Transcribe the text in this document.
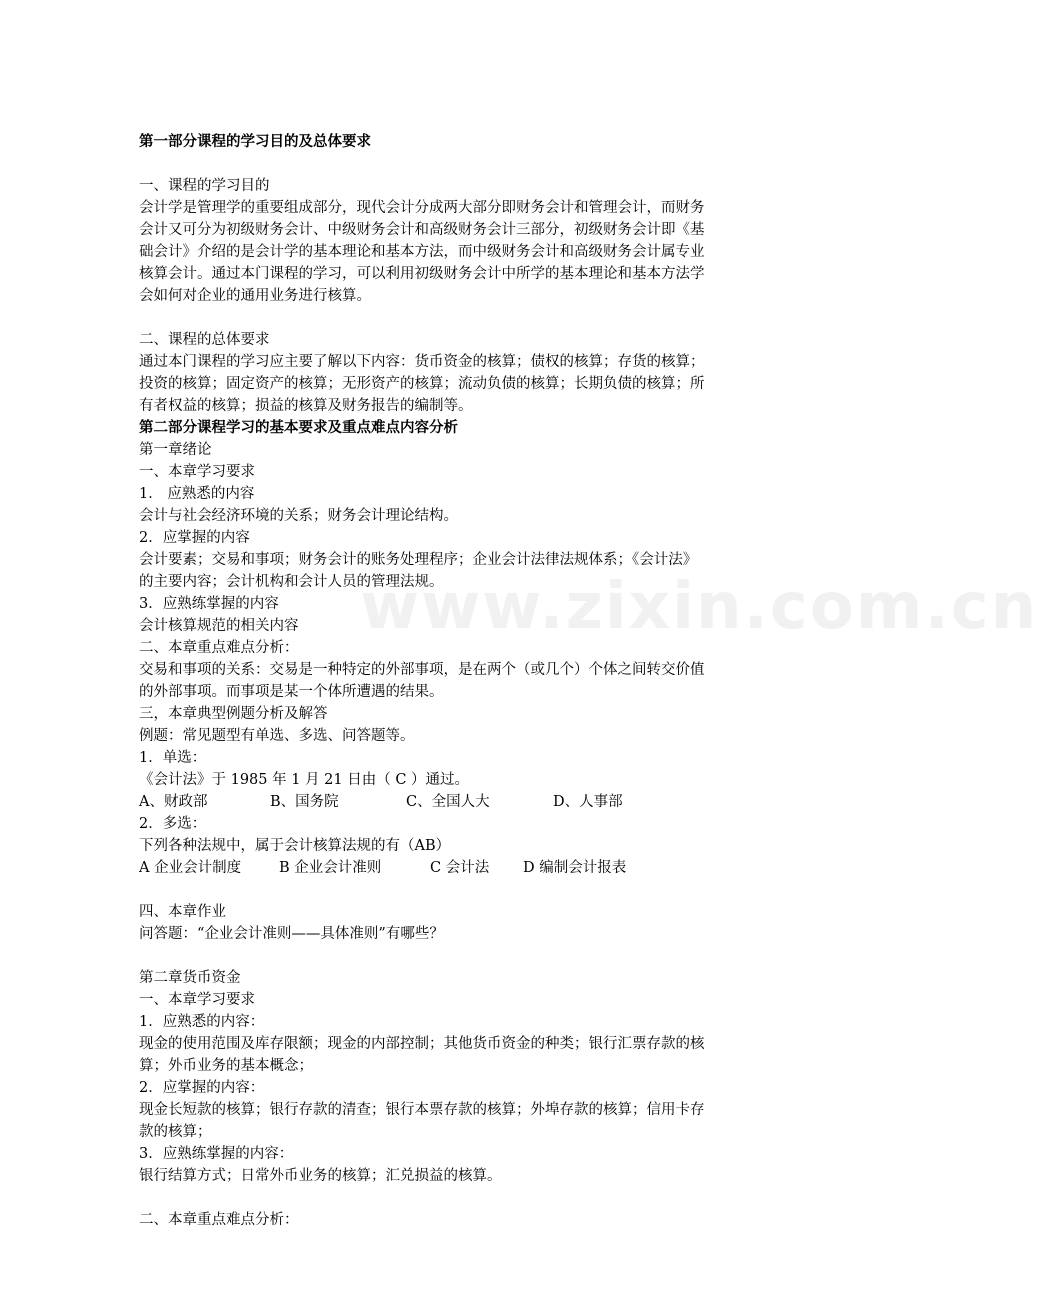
www.zixin.com.cn
第一部分课程的学习目的及总体要求
一、课程的学习目的
会计学是管理学的重要组成部分，现代会计分成两大部分即财务会计和管理会计，而财务
会计又可分为初级财务会计、中级财务会计和高级财务会计三部分，初级财务会计即《基
础会计》介绍的是会计学的基本理论和基本方法，而中级财务会计和高级财务会计属专业
核算会计。通过本门课程的学习，可以利用初级财务会计中所学的基本理论和基本方法学
会如何对企业的通用业务进行核算。
二、课程的总体要求
通过本门课程的学习应主要了解以下内容：货币资金的核算；债权的核算；存货的核算；
投资的核算；固定资产的核算；无形资产的核算；流动负债的核算；长期负债的核算；所
有者权益的核算；损益的核算及财务报告的编制等。
第二部分课程学习的基本要求及重点难点内容分析
第一章绪论
一、本章学习要求
1． 应熟悉的内容
会计与社会经济环境的关系；财务会计理论结构。
2．应掌握的内容
会计要素；交易和事项；财务会计的账务处理程序；企业会计法律法规体系；《会计法》
的主要内容；会计机构和会计人员的管理法规。
3．应熟练掌握的内容
会计核算规范的相关内容
二、本章重点难点分析：
交易和事项的关系：交易是一种特定的外部事项，是在两个（或几个）个体之间转交价值
的外部事项。而事项是某一个体所遭遇的结果。
三，本章典型例题分析及解答
例题：常见题型有单选、多选、问答题等。
1．单选：
《会计法》于 1985 年 1 月 21 日由（ C ）通过。
A、财政部	B、国务院	C、全国人大	D、人事部
2．多选：
下列各种法规中，属于会计核算法规的有（AB）
A 企业会计制度	B 企业会计准则	C 会计法	D 编制会计报表
四、本章作业
问答题：“企业会计准则——具体准则”有哪些？
第二章货币资金
一、本章学习要求
1．应熟悉的内容：
现金的使用范围及库存限额；现金的内部控制；其他货币资金的种类；银行汇票存款的核
算；外币业务的基本概念；
2．应掌握的内容：
现金长短款的核算；银行存款的清查；银行本票存款的核算；外埠存款的核算；信用卡存
款的核算；
3．应熟练掌握的内容：
银行结算方式；日常外币业务的核算；汇兑损益的核算。
二、本章重点难点分析：
